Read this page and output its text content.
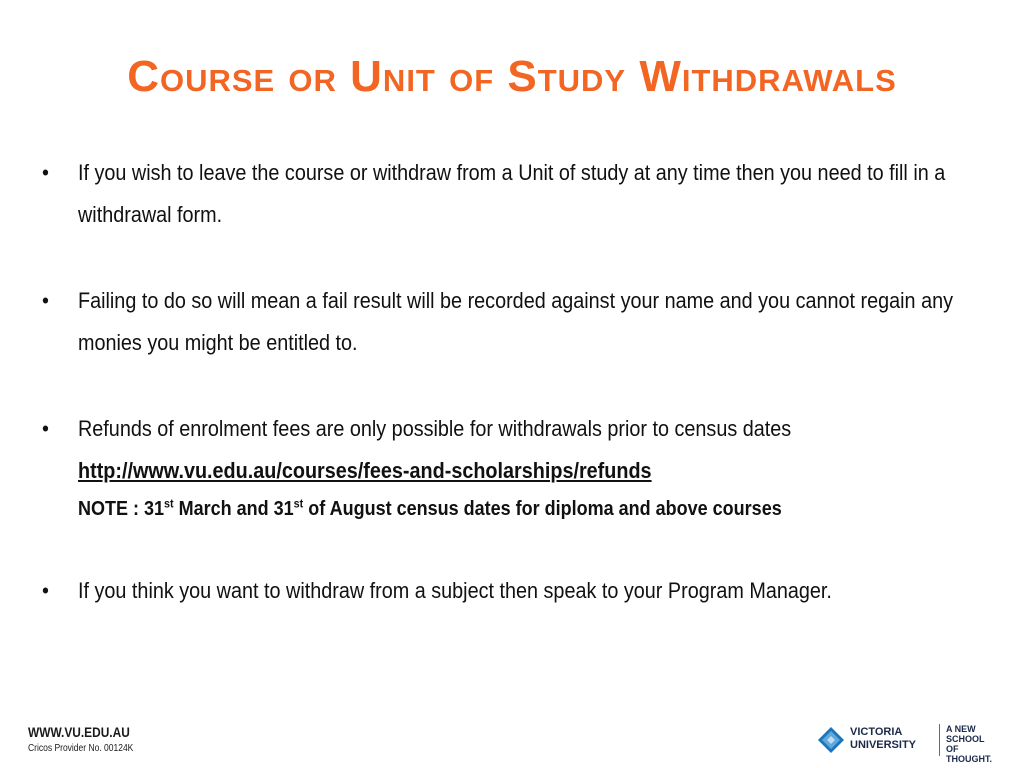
Course or Unit of Study Withdrawals
• If you wish to leave the course or withdraw from a Unit of study at any time then you need to fill in a withdrawal form.
• Failing to do so will mean a fail result will be recorded against your name and you cannot regain any monies you might be entitled to.
• Refunds of enrolment fees are only possible for withdrawals prior to census dates
http://www.vu.edu.au/courses/fees-and-scholarships/refunds
NOTE : 31st March and 31st of August census dates for diploma and above courses
• If you think you want to withdraw from a subject then speak to your Program Manager.
WWW.VU.EDU.AU
Cricos Provider No. 00124K
VICTORIA
UNIVERSITY
A NEW
SCHOOL OF
THOUGHT.
